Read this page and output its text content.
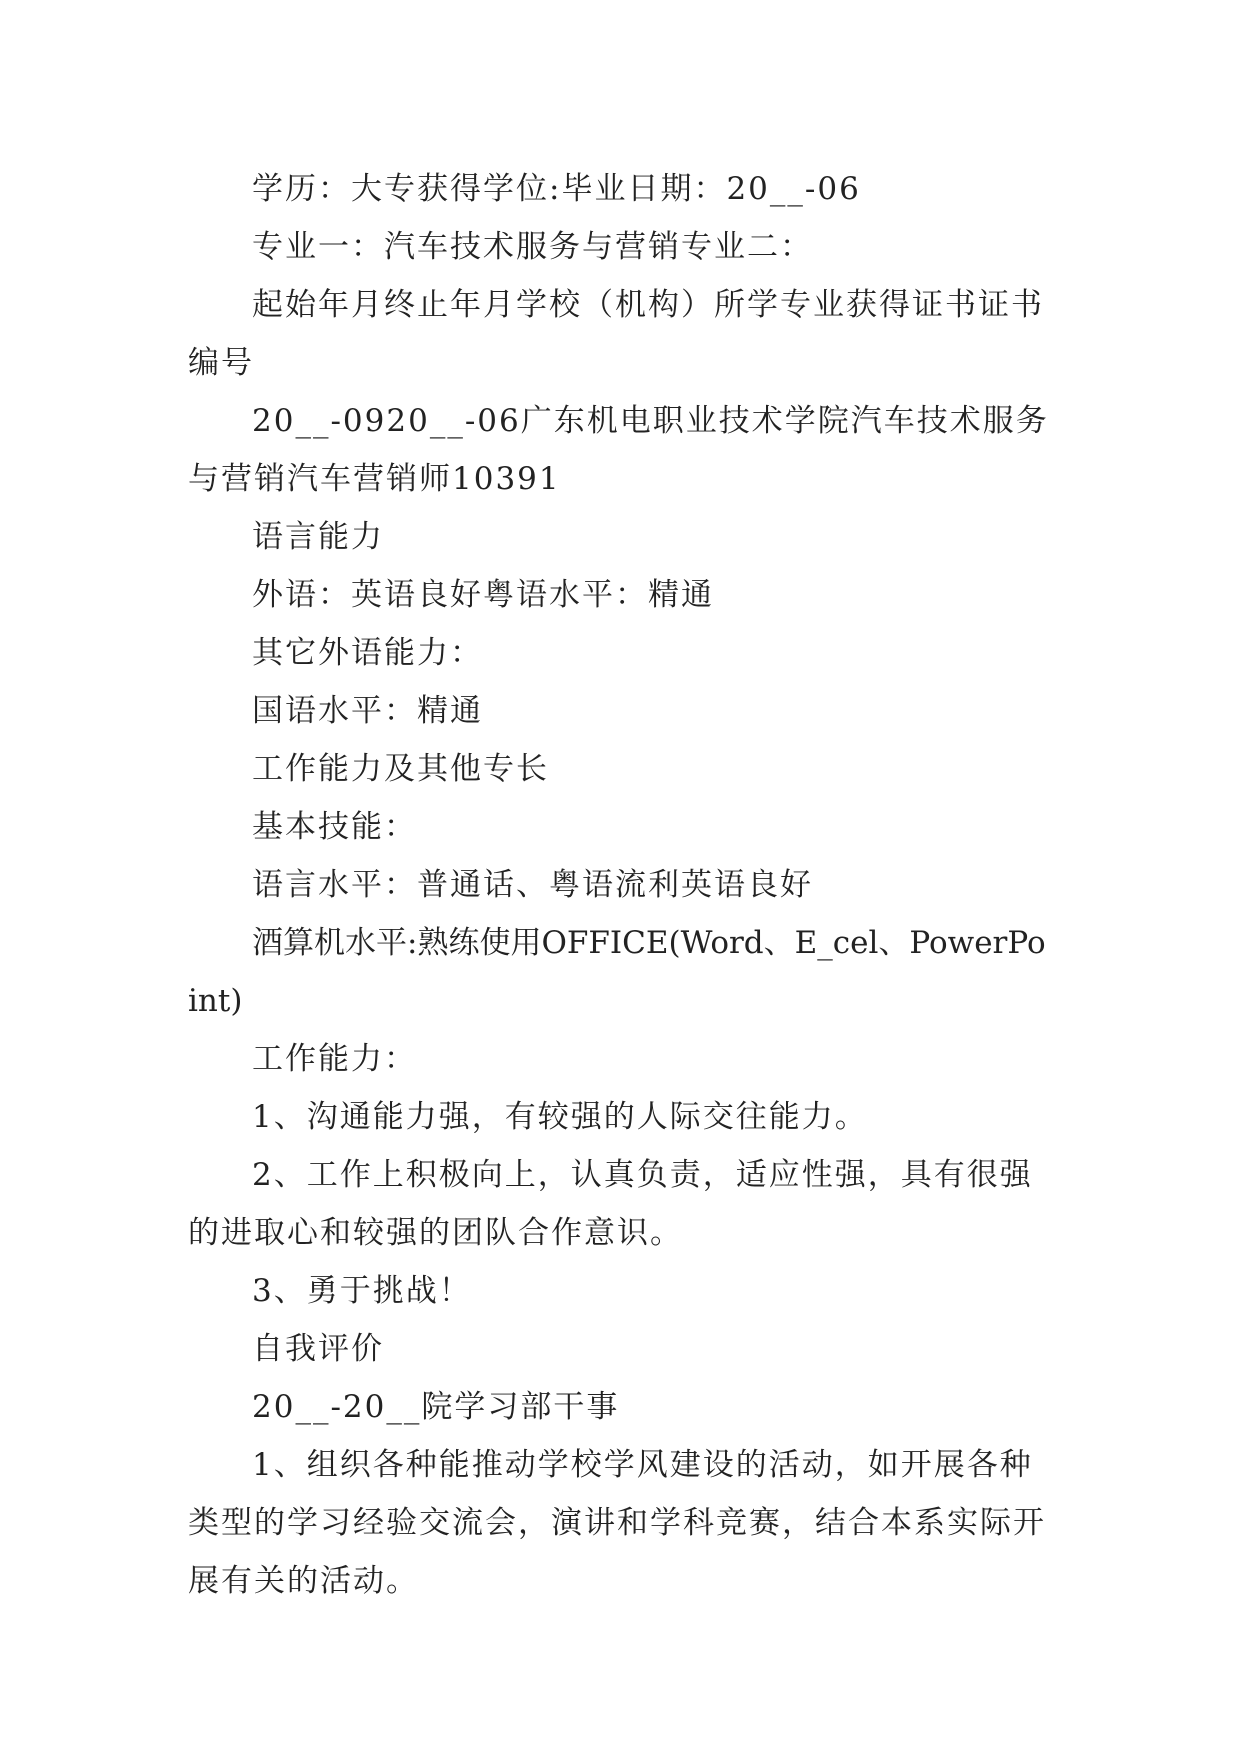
学历：大专获得学位:毕业日期：20__-06

专业一：汽车技术服务与营销专业二：

起始年月终止年月学校（机构）所学专业获得证书证书编号

20__-0920__-06广东机电职业技术学院汽车技术服务与营销汽车营销师10391

语言能力

外语：英语良好粤语水平：精通

其它外语能力：

国语水平：精通

工作能力及其他专长

基本技能：

语言水平：普通话、粤语流利英语良好

酒算机水平:熟练使用OFFICE(Word、E_cel、PowerPoint)

工作能力：

1、沟通能力强，有较强的人际交往能力。

2、工作上积极向上，认真负责，适应性强，具有很强的进取心和较强的团队合作意识。

3、勇于挑战！

自我评价

20__-20__院学习部干事

1、组织各种能推动学校学风建设的活动，如开展各种类型的学习经验交流会，演讲和学科竞赛，结合本系实际开展有关的活动。
